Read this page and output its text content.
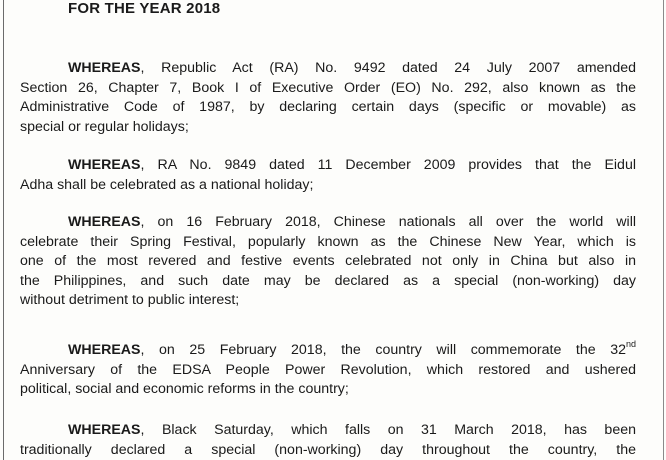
FOR THE YEAR 2018
WHEREAS, Republic Act (RA) No. 9492 dated 24 July 2007 amended
Section 26, Chapter 7, Book I of Executive Order (EO) No. 292, also known as the
Administrative Code of 1987, by declaring certain days (specific or movable) as
special or regular holidays;
WHEREAS, RA No. 9849 dated 11 December 2009 provides that the Eidul
Adha shall be celebrated as a national holiday;
WHEREAS, on 16 February 2018, Chinese nationals all over the world will
celebrate their Spring Festival, popularly known as the Chinese New Year, which is
one of the most revered and festive events celebrated not only in China but also in
the Philippines, and such date may be declared as a special (non-working) day
without detriment to public interest;
WHEREAS, on 25 February 2018, the country will commemorate the 32nd
Anniversary of the EDSA People Power Revolution, which restored and ushered
political, social and economic reforms in the country;
WHEREAS, Black Saturday, which falls on 31 March 2018, has been
traditionally declared a special (non-working) day throughout the country, the
